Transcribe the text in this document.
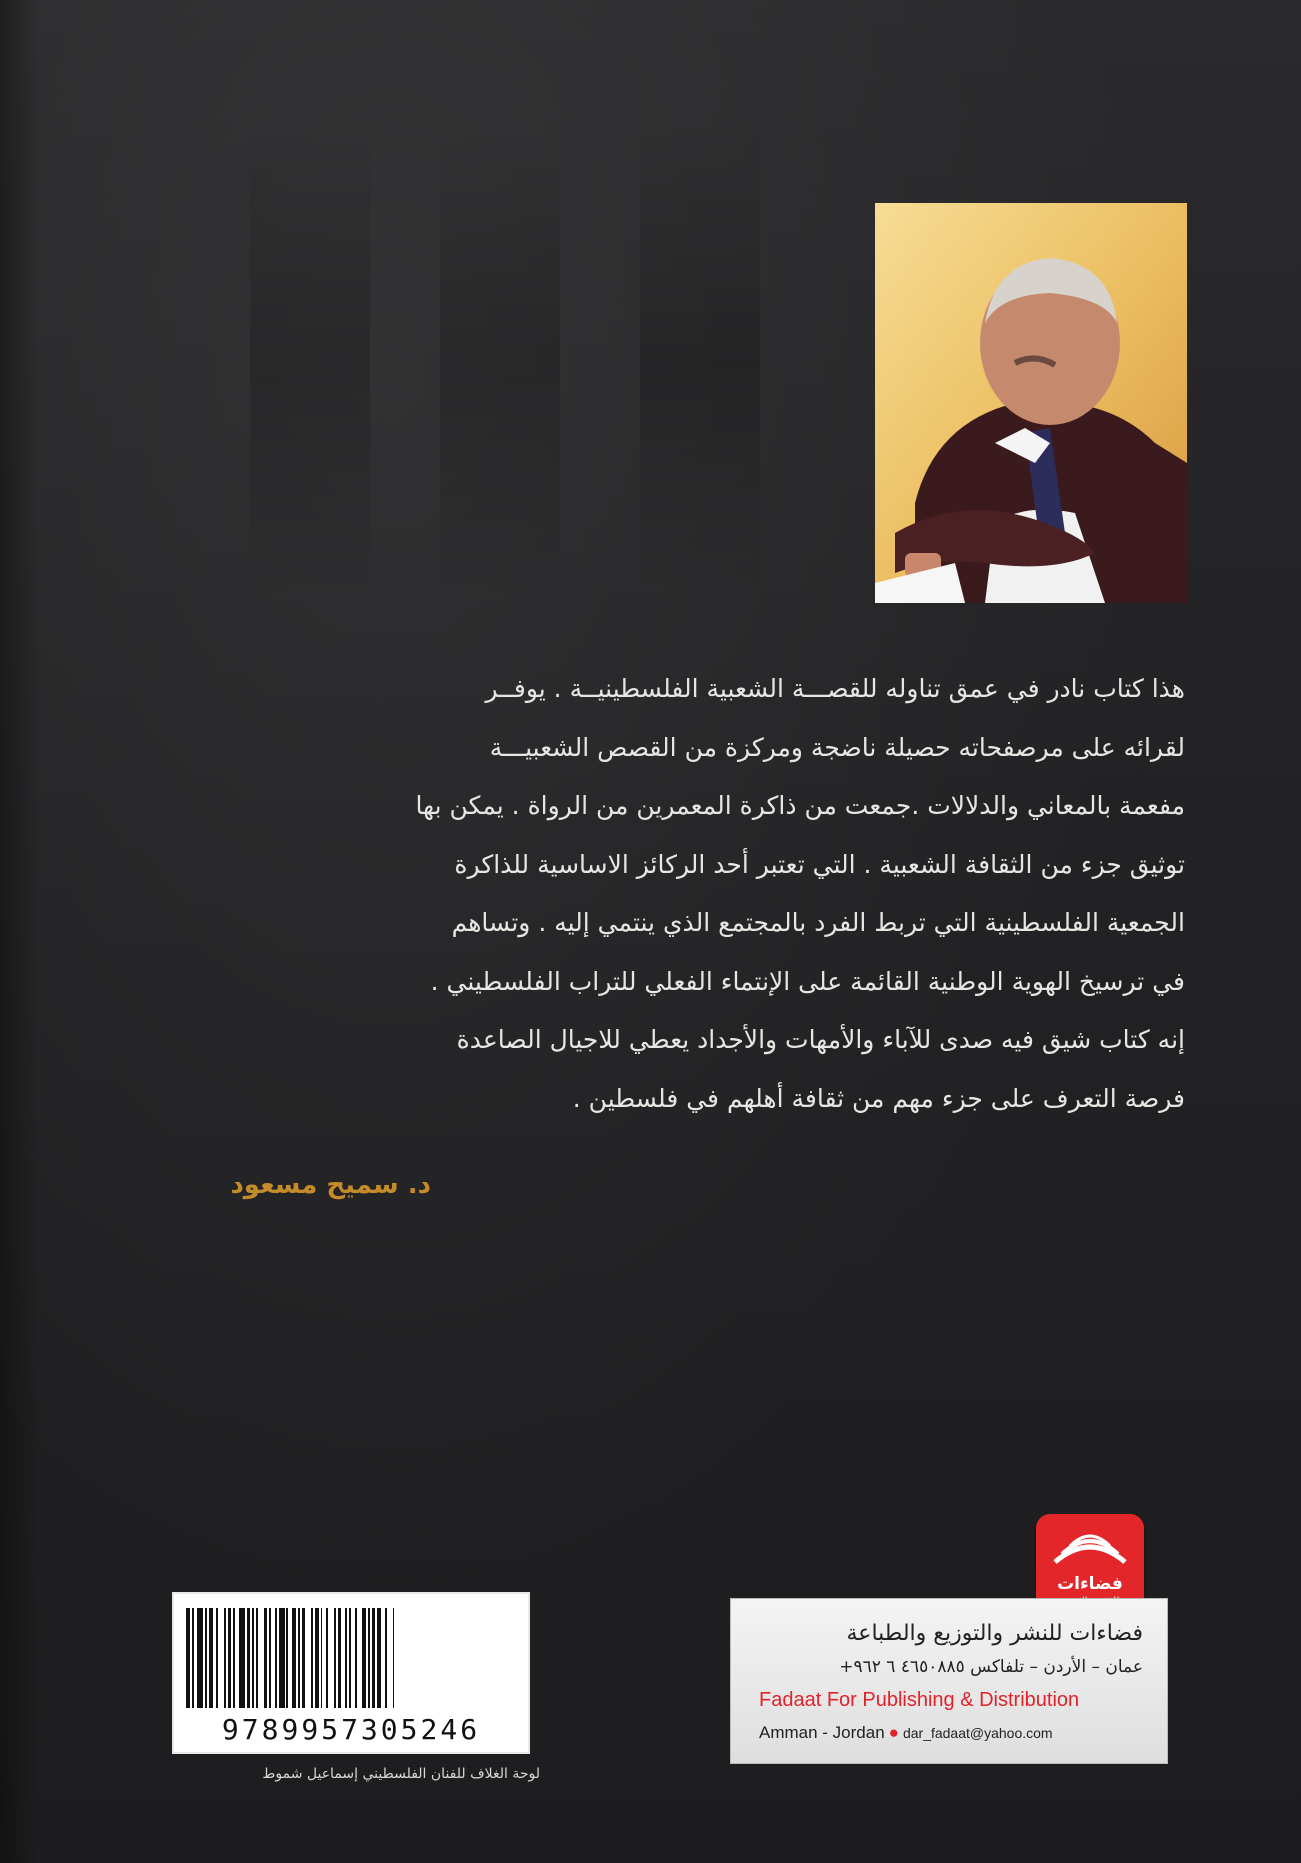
هذا كتاب نادر في عمق تناوله للقصـــة الشعبية الفلسطينيــة . يوفــر

لقرائه على مرصفحاته حصيلة ناضجة ومركزة من القصص الشعبيـــة

مفعمة بالمعاني والدلالات .جمعت من ذاكرة المعمرين من الرواة . يمكن بها

توثيق جزء من الثقافة الشعبية . التي تعتبر أحد الركائز الاساسية للذاكرة

الجمعية الفلسطينية التي تربط الفرد بالمجتمع الذي ينتمي إليه . وتساهم

في ترسيخ الهوية الوطنية القائمة على الإنتماء الفعلي للتراب الفلسطيني .

إنه كتاب شيق فيه صدى للآباء والأمهات والأجداد يعطي للاجيال الصاعدة

فرصة التعرف على جزء مهم من ثقافة أهلهم في فلسطين .

د. سميح مسعود
9789957305246
لوحة الغلاف للفنان الفلسطيني إسماعيل شموط
فضاءات
فضاءات للنشر والتوزيع والطباعة
عمان – الأردن – تلفاكس ٤٦٥٠٨٨٥ ٦ ٩٦٢+
Fadaat For Publishing & Distribution
Amman - Jordan ● dar_fadaat@yahoo.com
